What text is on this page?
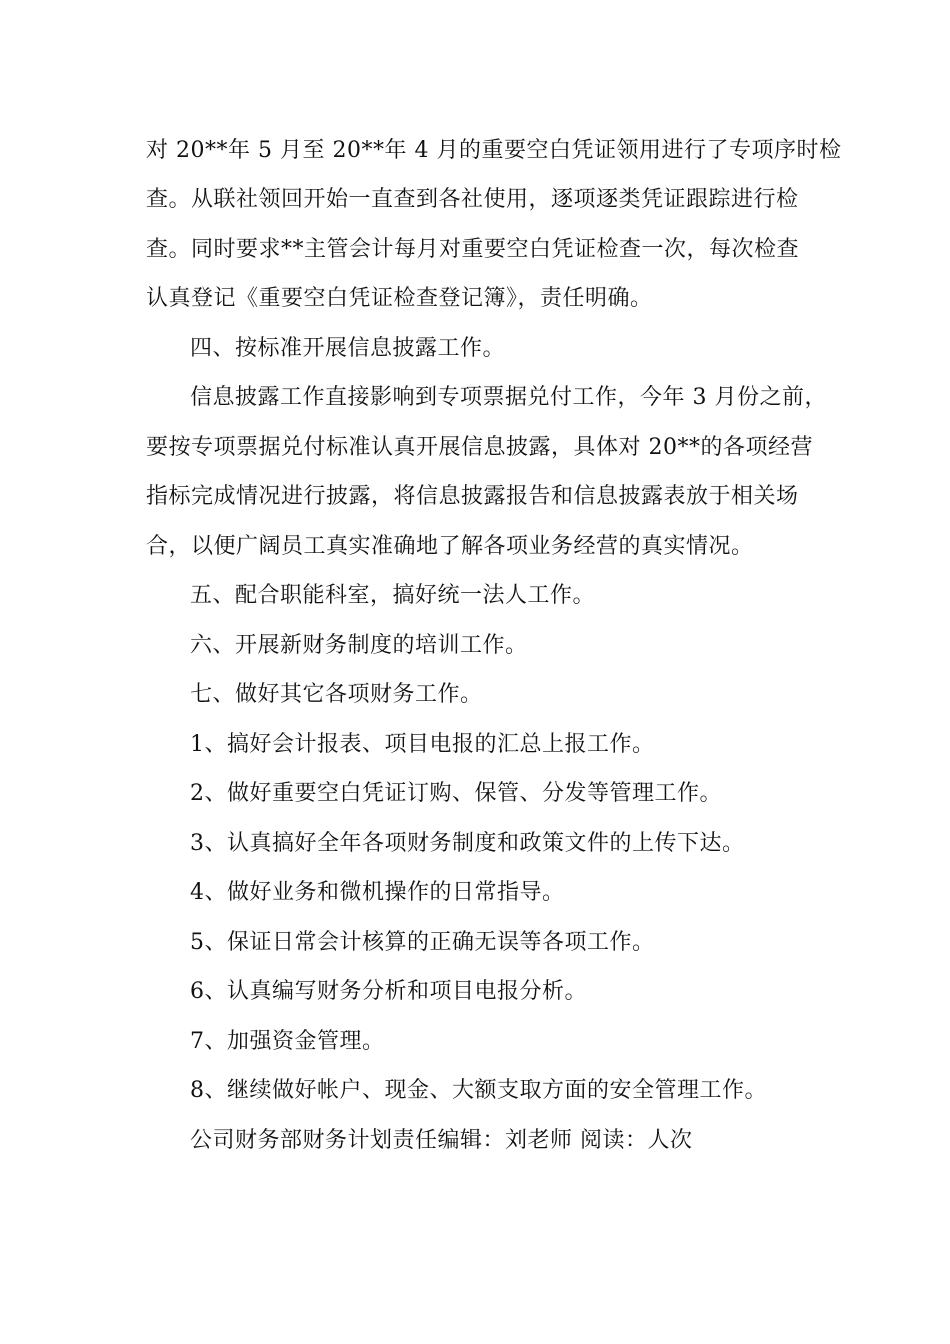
对 20**年 5 月至 20**年 4 月的重要空白凭证领用进行了专项序时检
查。从联社领回开始一直查到各社使用，逐项逐类凭证跟踪进行检
查。同时要求**主管会计每月对重要空白凭证检查一次，每次检查
认真登记《重要空白凭证检查登记簿》，责任明确。
四、按标准开展信息披露工作。
信息披露工作直接影响到专项票据兑付工作，今年 3 月份之前，
要按专项票据兑付标准认真开展信息披露，具体对 20**的各项经营
指标完成情况进行披露，将信息披露报告和信息披露表放于相关场
合，以便广阔员工真实准确地了解各项业务经营的真实情况。
五、配合职能科室，搞好统一法人工作。
六、开展新财务制度的培训工作。
七、做好其它各项财务工作。
1、搞好会计报表、项目电报的汇总上报工作。
2、做好重要空白凭证订购、保管、分发等管理工作。
3、认真搞好全年各项财务制度和政策文件的上传下达。
4、做好业务和微机操作的日常指导。
5、保证日常会计核算的正确无误等各项工作。
6、认真编写财务分析和项目电报分析。
7、加强资金管理。
8、继续做好帐户、现金、大额支取方面的安全管理工作。
公司财务部财务计划责任编辑：刘老师 阅读：人次
